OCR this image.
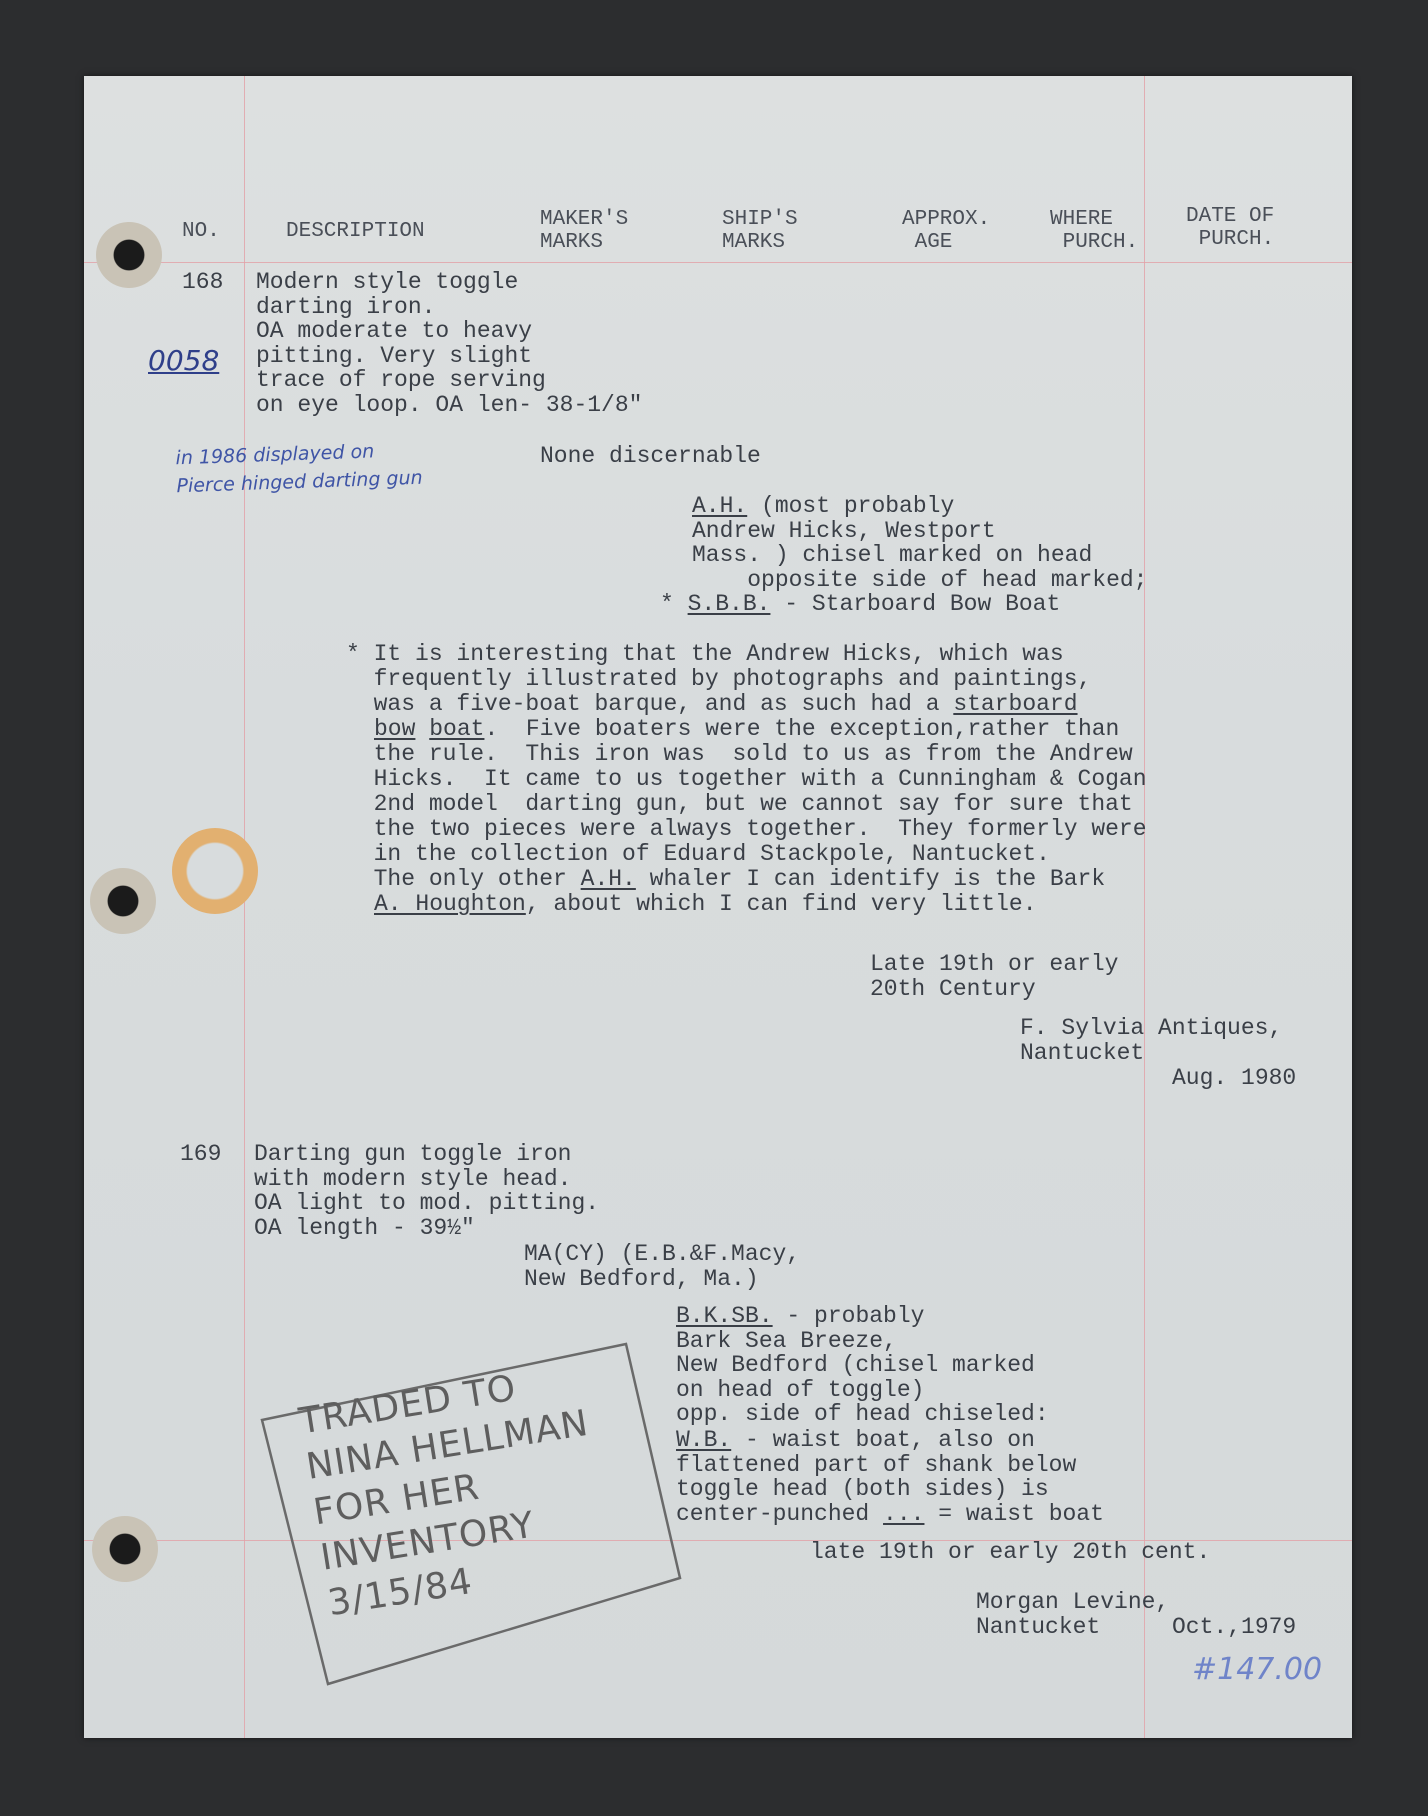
NO.	DESCRIPTION

MAKER'S
MARKS

SHIP'S
MARKS

APPROX.
AGE

WHERE
PURCH.

DATE OF
PURCH.

168 Modern style toggle
darting iron.
OA moderate to heavy
pitting. Very slight
trace of rope serving
on eye loop. OA len- 38-1/8"

0058

in 1986 displayed on
Pierce hinged darting gun

None discernable

A.H. (most probably
Andrew Hicks, Westport
Mass. ) chisel marked on head
opposite side of head marked;

* S.B.B. - Starboard Bow Boat

* It is interesting that the Andrew Hicks, which was

frequently illustrated by photographs and paintings,

was a five-boat barque, and as such had a starboard

bow boat.  Five boaters were the exception,rather than

the rule.  This iron was  sold to us as from the Andrew

Hicks.  It came to us together with a Cunningham & Cogan

2nd model  darting gun, but we cannot say for sure that

the two pieces were always together.  They formerly were

in the collection of Eduard Stackpole, Nantucket.

The only other A.H. whaler I can identify is the Bark

A. Houghton, about which I can find very little.

Late 19th or early
20th Century

F. Sylvia Antiques,
Nantucket

Aug. 1980

169 Darting gun toggle iron
with modern style head.
OA light to mod. pitting.
OA length - 39½"

MA(CY) (E.B.&F.Macy,
New Bedford, Ma.)

B.K.SB. - probably
Bark Sea Breeze,
New Bedford (chisel marked
on head of toggle)
opp. side of head chiseled:

W.B. - waist boat, also on
flattened part of shank below
toggle head (both sides) is
center-punched ... = waist boat

late 19th or early 20th cent.

Morgan Levine,
Nantucket	Oct.,1979

#147.00

TRADED TO
NINA HELLMAN
FOR HER
INVENTORY
3/15/84
